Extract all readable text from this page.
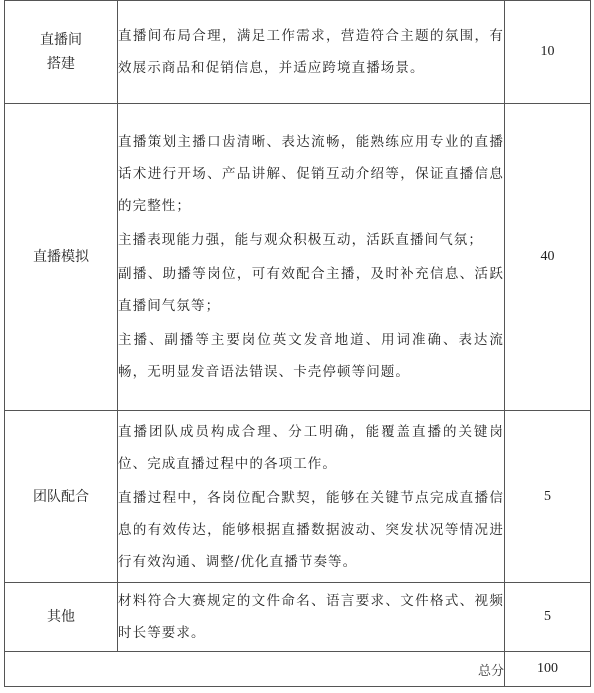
直播间
搭建	直播间布局合理，满足工作需求，营造符合主题的氛围，有效展示商品和促销信息，并适应跨境直播场景。	10
直播模拟	直播策划主播口齿清晰、表达流畅，能熟练应用专业的直播话术进行开场、产品讲解、促销互动介绍等，保证直播信息的完整性；
主播表现能力强，能与观众积极互动，活跃直播间气氛；
副播、助播等岗位，可有效配合主播，及时补充信息、活跃直播间气氛等；
主播、副播等主要岗位英文发音地道、用词准确、表达流畅，无明显发音语法错误、卡壳停顿等问题。	40
团队配合	直播团队成员构成合理、分工明确，能覆盖直播的关键岗位、完成直播过程中的各项工作。
直播过程中，各岗位配合默契，能够在关键节点完成直播信息的有效传达，能够根据直播数据波动、突发状况等情况进行有效沟通、调整/优化直播节奏等。	5
其他	材料符合大赛规定的文件命名、语言要求、文件格式、视频时长等要求。	5
总分		100
